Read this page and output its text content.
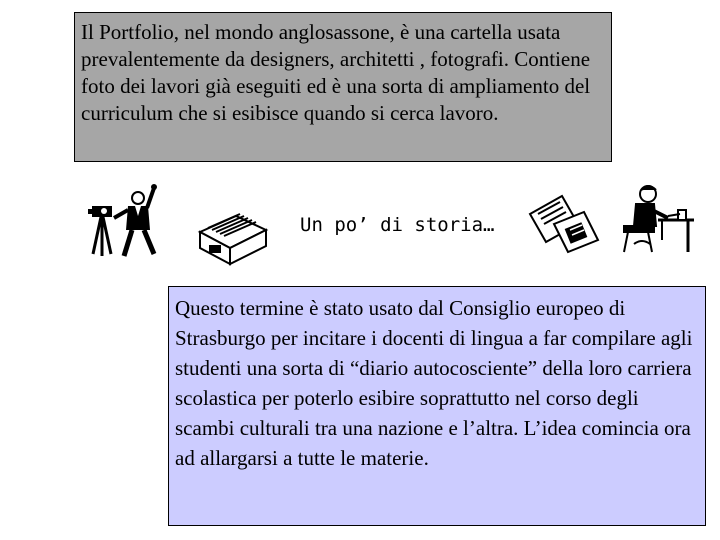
Il Portfolio, nel mondo anglosassone, è una cartella usata prevalentemente da designers, architetti , fotografi. Contiene foto dei lavori già eseguiti ed è una sorta di ampliamento del curriculum che si esibisce quando si cerca lavoro.
Un po’ di storia…
Questo termine è stato usato dal Consiglio europeo di Strasburgo per incitare i docenti di lingua a far compilare agli studenti una sorta di “diario autocosciente” della loro carriera scolastica per poterlo esibire soprattutto nel corso degli scambi culturali tra una nazione e l’altra. L’idea comincia ora ad allargarsi a tutte le materie.
